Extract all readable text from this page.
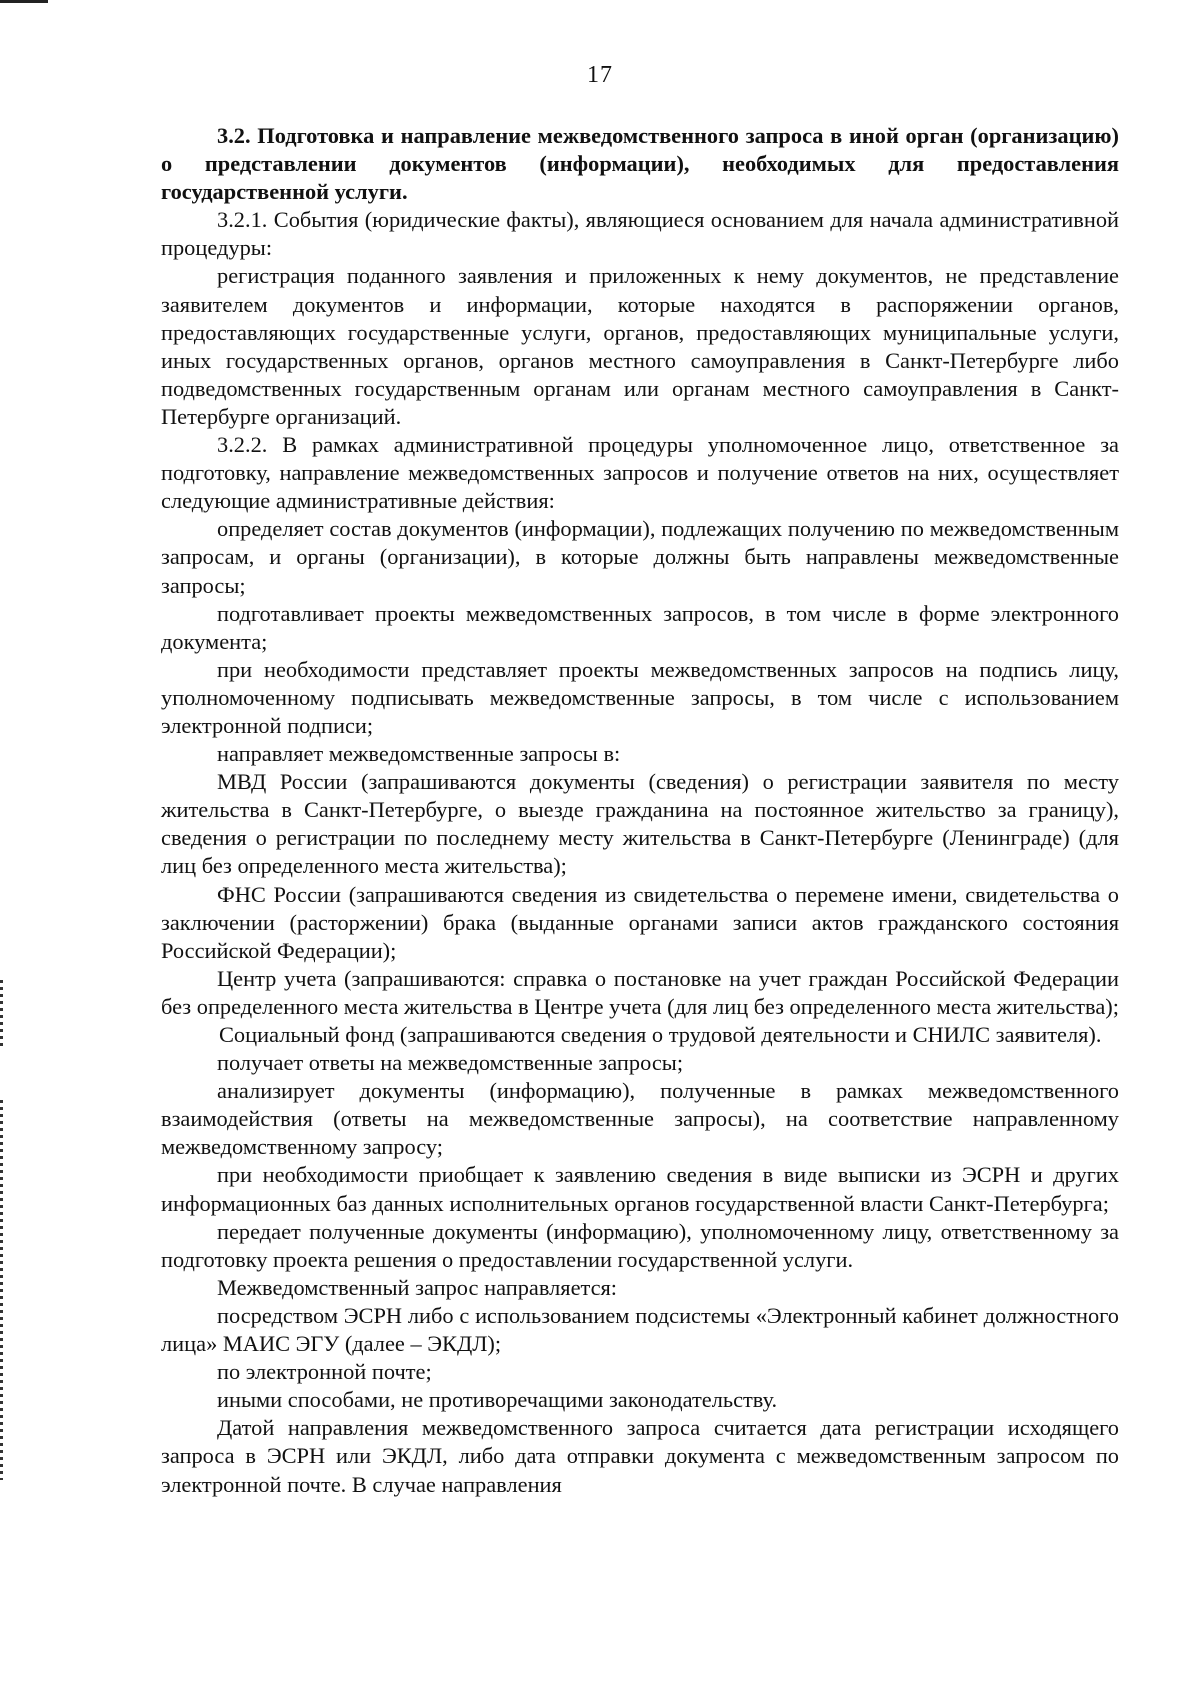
17

3.2. Подготовка и направление межведомственного запроса в иной орган (организацию) о представлении документов (информации), необходимых для предоставления государственной услуги.

3.2.1. События (юридические факты), являющиеся основанием для начала административной процедуры:

регистрация поданного заявления и приложенных к нему документов, не представление заявителем документов и информации, которые находятся в распоряжении органов, предоставляющих государственные услуги, органов, предоставляющих муниципальные услуги, иных государственных органов, органов местного самоуправления в Санкт-Петербурге либо подведомственных государственным органам или органам местного самоуправления в Санкт-Петербурге организаций.

3.2.2. В рамках административной процедуры уполномоченное лицо, ответственное за подготовку, направление межведомственных запросов и получение ответов на них, осуществляет следующие административные действия:

определяет состав документов (информации), подлежащих получению по межведомственным запросам, и органы (организации), в которые должны быть направлены межведомственные запросы;

подготавливает проекты межведомственных запросов, в том числе в форме электронного документа;

при необходимости представляет проекты межведомственных запросов на подпись лицу, уполномоченному подписывать межведомственные запросы, в том числе с использованием электронной подписи;

направляет межведомственные запросы в:

МВД России (запрашиваются документы (сведения) о регистрации заявителя по месту жительства в Санкт-Петербурге, о выезде гражданина на постоянное жительство за границу), сведения о регистрации по последнему месту жительства в Санкт-Петербурге (Ленинграде) (для лиц без определенного места жительства);

ФНС России (запрашиваются сведения из свидетельства о перемене имени, свидетельства о заключении (расторжении) брака (выданные органами записи актов гражданского состояния Российской Федерации);

Центр учета (запрашиваются: справка о постановке на учет граждан Российской Федерации без определенного места жительства в Центре учета (для лиц без определенного места жительства);

Социальный фонд (запрашиваются сведения о трудовой деятельности и СНИЛС заявителя).

получает ответы на межведомственные запросы;

анализирует документы (информацию), полученные в рамках межведомственного взаимодействия (ответы на межведомственные запросы), на соответствие направленному межведомственному запросу;

при необходимости приобщает к заявлению сведения в виде выписки из ЭСРН и других информационных баз данных исполнительных органов государственной власти Санкт-Петербурга;

передает полученные документы (информацию), уполномоченному лицу, ответственному за подготовку проекта решения о предоставлении государственной услуги.

Межведомственный запрос направляется:

посредством ЭСРН либо с использованием подсистемы «Электронный кабинет должностного лица» МАИС ЭГУ (далее – ЭКДЛ);

по электронной почте;

иными способами, не противоречащими законодательству.

Датой направления межведомственного запроса считается дата регистрации исходящего запроса в ЭСРН или ЭКДЛ, либо дата отправки документа с межведомственным запросом по электронной почте. В случае направления
